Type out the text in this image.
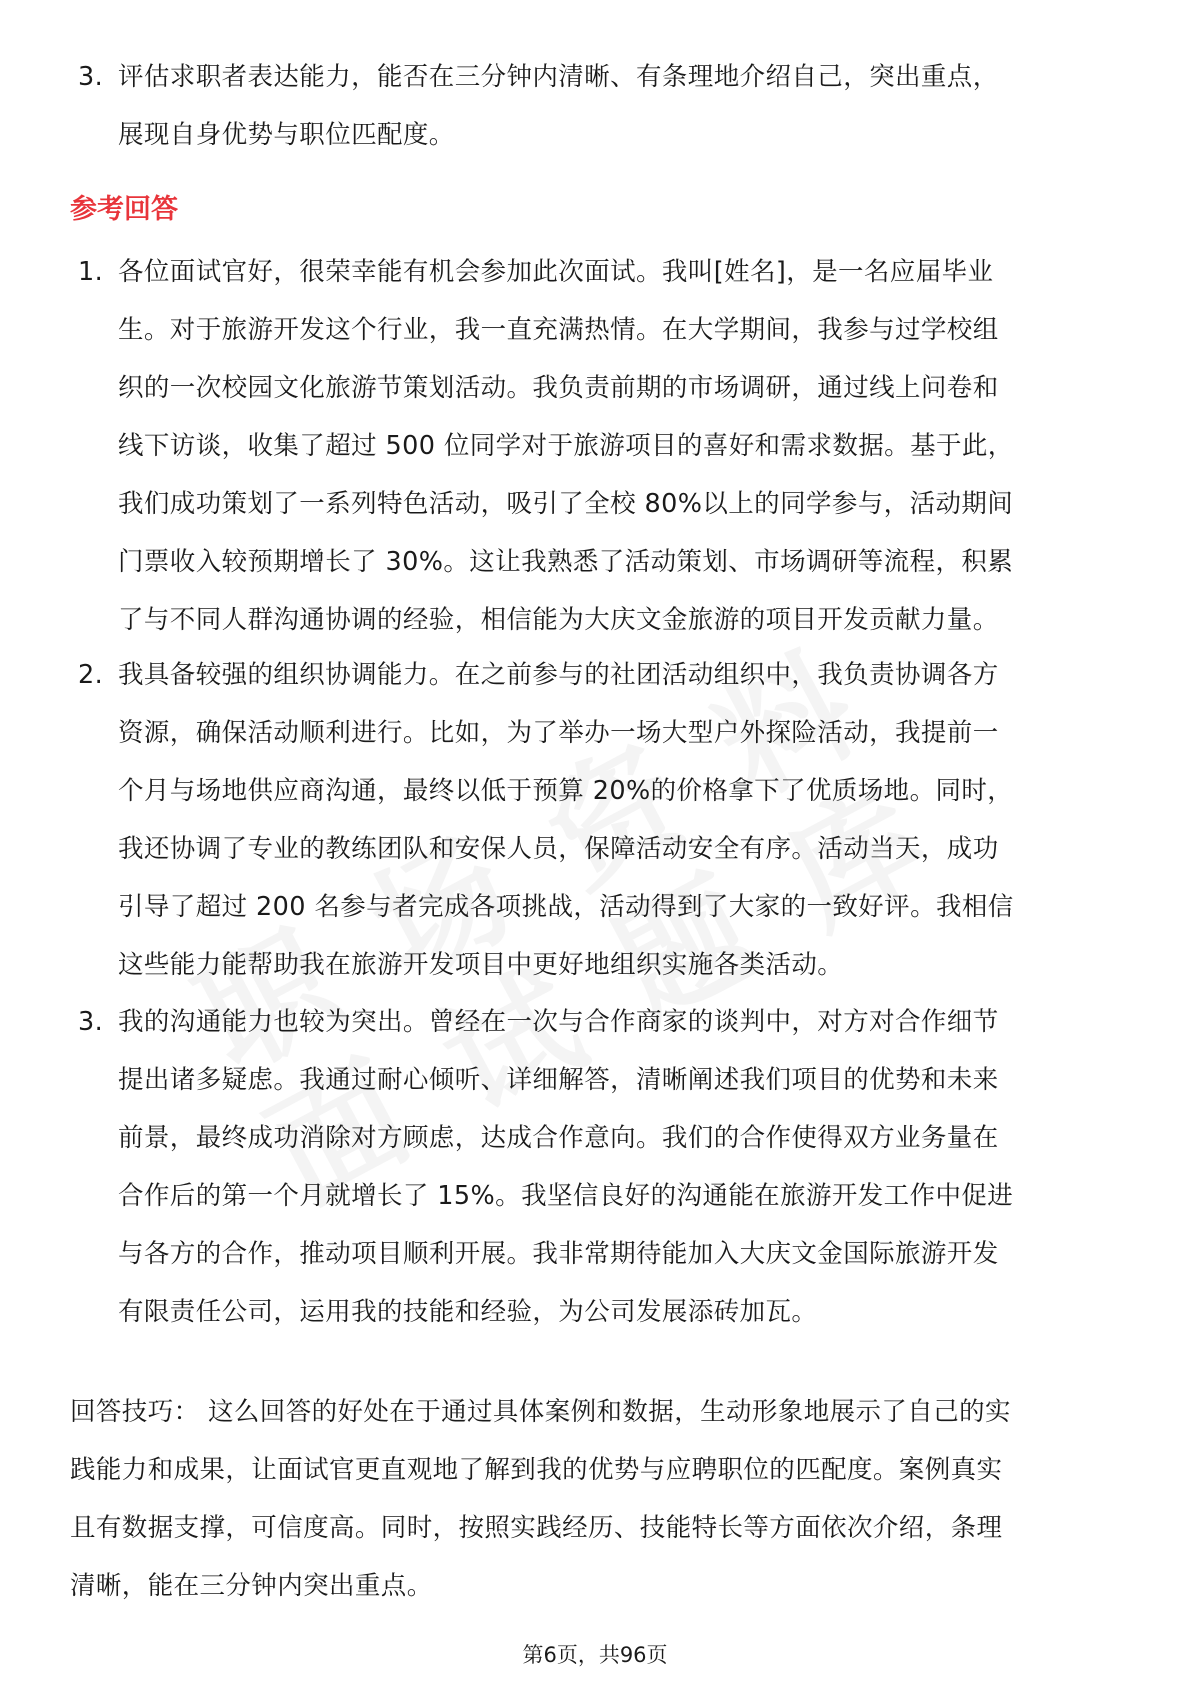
3. 评估求职者表达能力，能否在三分钟内清晰、有条理地介绍自己，突出重点，
展现自身优势与职位匹配度。
参考回答
1. 各位面试官好，很荣幸能有机会参加此次面试。我叫[姓名]，是一名应届毕业
生。对于旅游开发这个行业，我一直充满热情。在大学期间，我参与过学校组
织的一次校园文化旅游节策划活动。我负责前期的市场调研，通过线上问卷和
线下访谈，收集了超过 500 位同学对于旅游项目的喜好和需求数据。基于此，
我们成功策划了一系列特色活动，吸引了全校 80%以上的同学参与，活动期间
门票收入较预期增长了 30%。这让我熟悉了活动策划、市场调研等流程，积累
了与不同人群沟通协调的经验，相信能为大庆文金旅游的项目开发贡献力量。
2. 我具备较强的组织协调能力。在之前参与的社团活动组织中，我负责协调各方
资源，确保活动顺利进行。比如，为了举办一场大型户外探险活动，我提前一
个月与场地供应商沟通，最终以低于预算 20%的价格拿下了优质场地。同时，
我还协调了专业的教练团队和安保人员，保障活动安全有序。活动当天，成功
引导了超过 200 名参与者完成各项挑战，活动得到了大家的一致好评。我相信
这些能力能帮助我在旅游开发项目中更好地组织实施各类活动。
3. 我的沟通能力也较为突出。曾经在一次与合作商家的谈判中，对方对合作细节
提出诸多疑虑。我通过耐心倾听、详细解答，清晰阐述我们项目的优势和未来
前景，最终成功消除对方顾虑，达成合作意向。我们的合作使得双方业务量在
合作后的第一个月就增长了 15%。我坚信良好的沟通能在旅游开发工作中促进
与各方的合作，推动项目顺利开展。我非常期待能加入大庆文金国际旅游开发
有限责任公司，运用我的技能和经验，为公司发展添砖加瓦。
回答技巧： 这么回答的好处在于通过具体案例和数据，生动形象地展示了自己的实
践能力和成果，让面试官更直观地了解到我的优势与应聘职位的匹配度。案例真实
且有数据支撑，可信度高。同时，按照实践经历、技能特长等方面依次介绍，条理
清晰，能在三分钟内突出重点。
第6页，共96页
